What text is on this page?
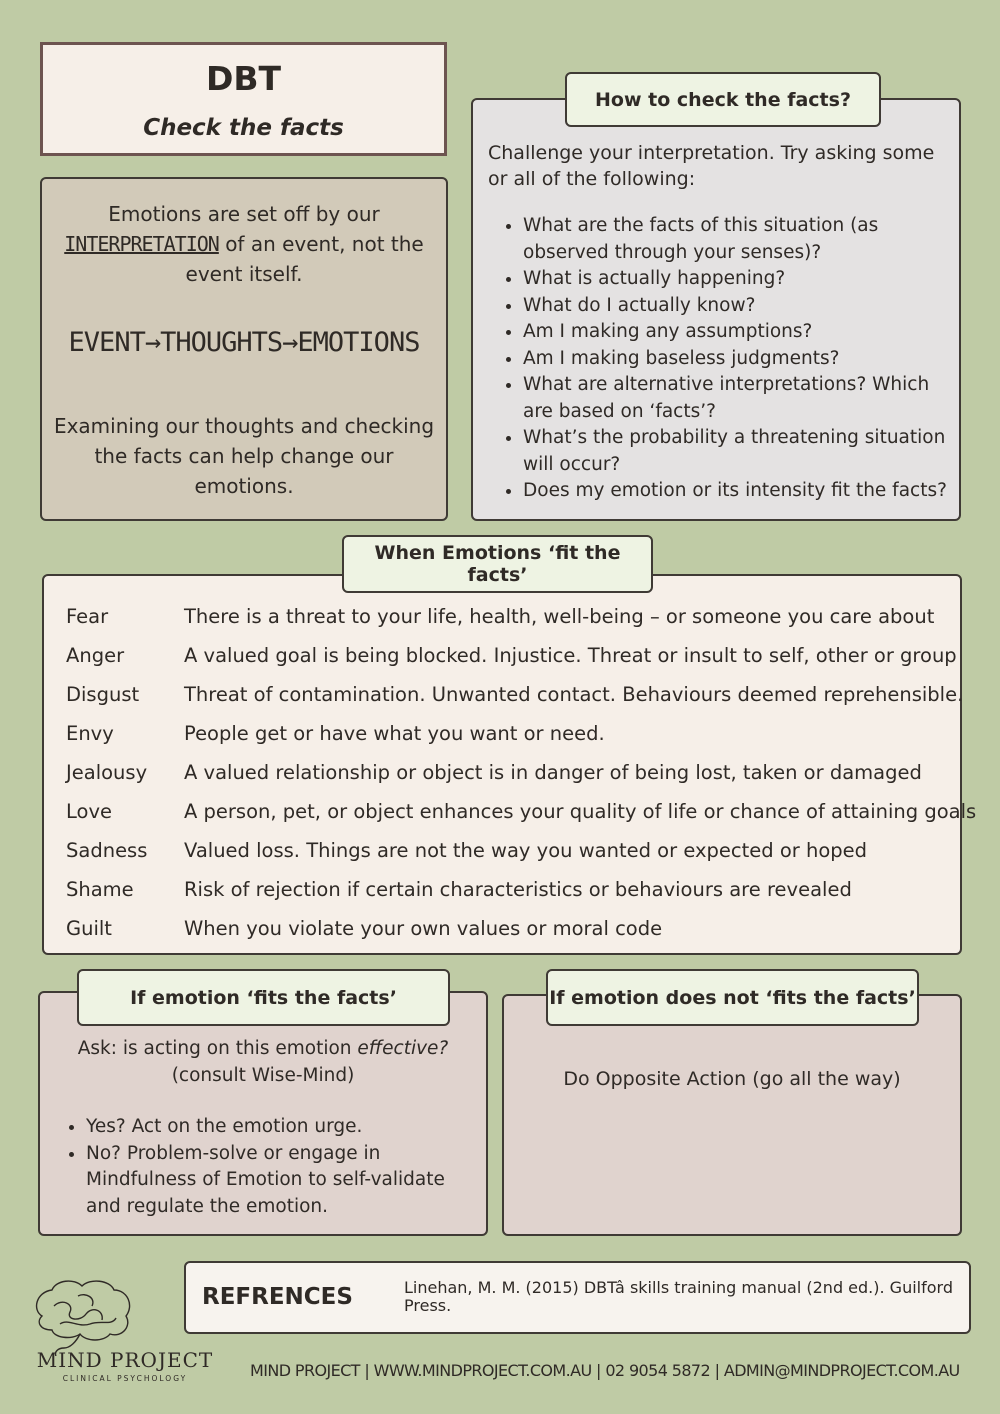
DBT
Check the facts
Emotions are set off by our
INTERPRETATION of an event, not the event itself.
EVENT→THOUGHTS→EMOTIONS
Examining our thoughts and checking the facts can help change our emotions.
Challenge your interpretation. Try asking some or all of the following:
• What are the facts of this situation (as observed through your senses)?
• What is actually happening?
• What do I actually know?
• Am I making any assumptions?
• Am I making baseless judgments?
• What are alternative interpretations? Which are based on ‘facts’?
• What’s the probability a threatening situation will occur?
• Does my emotion or its intensity fit the facts?
How to check the facts?
Fear	There is a threat to your life, health, well-being – or someone you care about
Anger	A valued goal is being blocked. Injustice. Threat or insult to self, other or group
Disgust	Threat of contamination. Unwanted contact. Behaviours deemed reprehensible.
Envy	People get or have what you want or need.
Jealousy	A valued relationship or object is in danger of being lost, taken or damaged
Love	A person, pet, or object enhances your quality of life or chance of attaining goals
Sadness	Valued loss. Things are not the way you wanted or expected or hoped
Shame	Risk of rejection if certain characteristics or behaviours are revealed
Guilt	When you violate your own values or moral code
When Emotions ‘fit the facts’
Ask: is acting on this emotion effective?
(consult Wise-Mind)
• Yes? Act on the emotion urge.
• No? Problem-solve or engage in Mindfulness of Emotion to self-validate and regulate the emotion.
If emotion ‘fits the facts’
Do Opposite Action (go all the way)
If emotion does not ‘fits the facts’
REFRENCES	Linehan, M. M. (2015) DBTâ skills training manual (2nd ed.). Guilford Press.
MIND PROJECT
CLINICAL PSYCHOLOGY	MIND PROJECT | WWW.MINDPROJECT.COM.AU | 02 9054 5872 | ADMIN@MINDPROJECT.COM.AU
